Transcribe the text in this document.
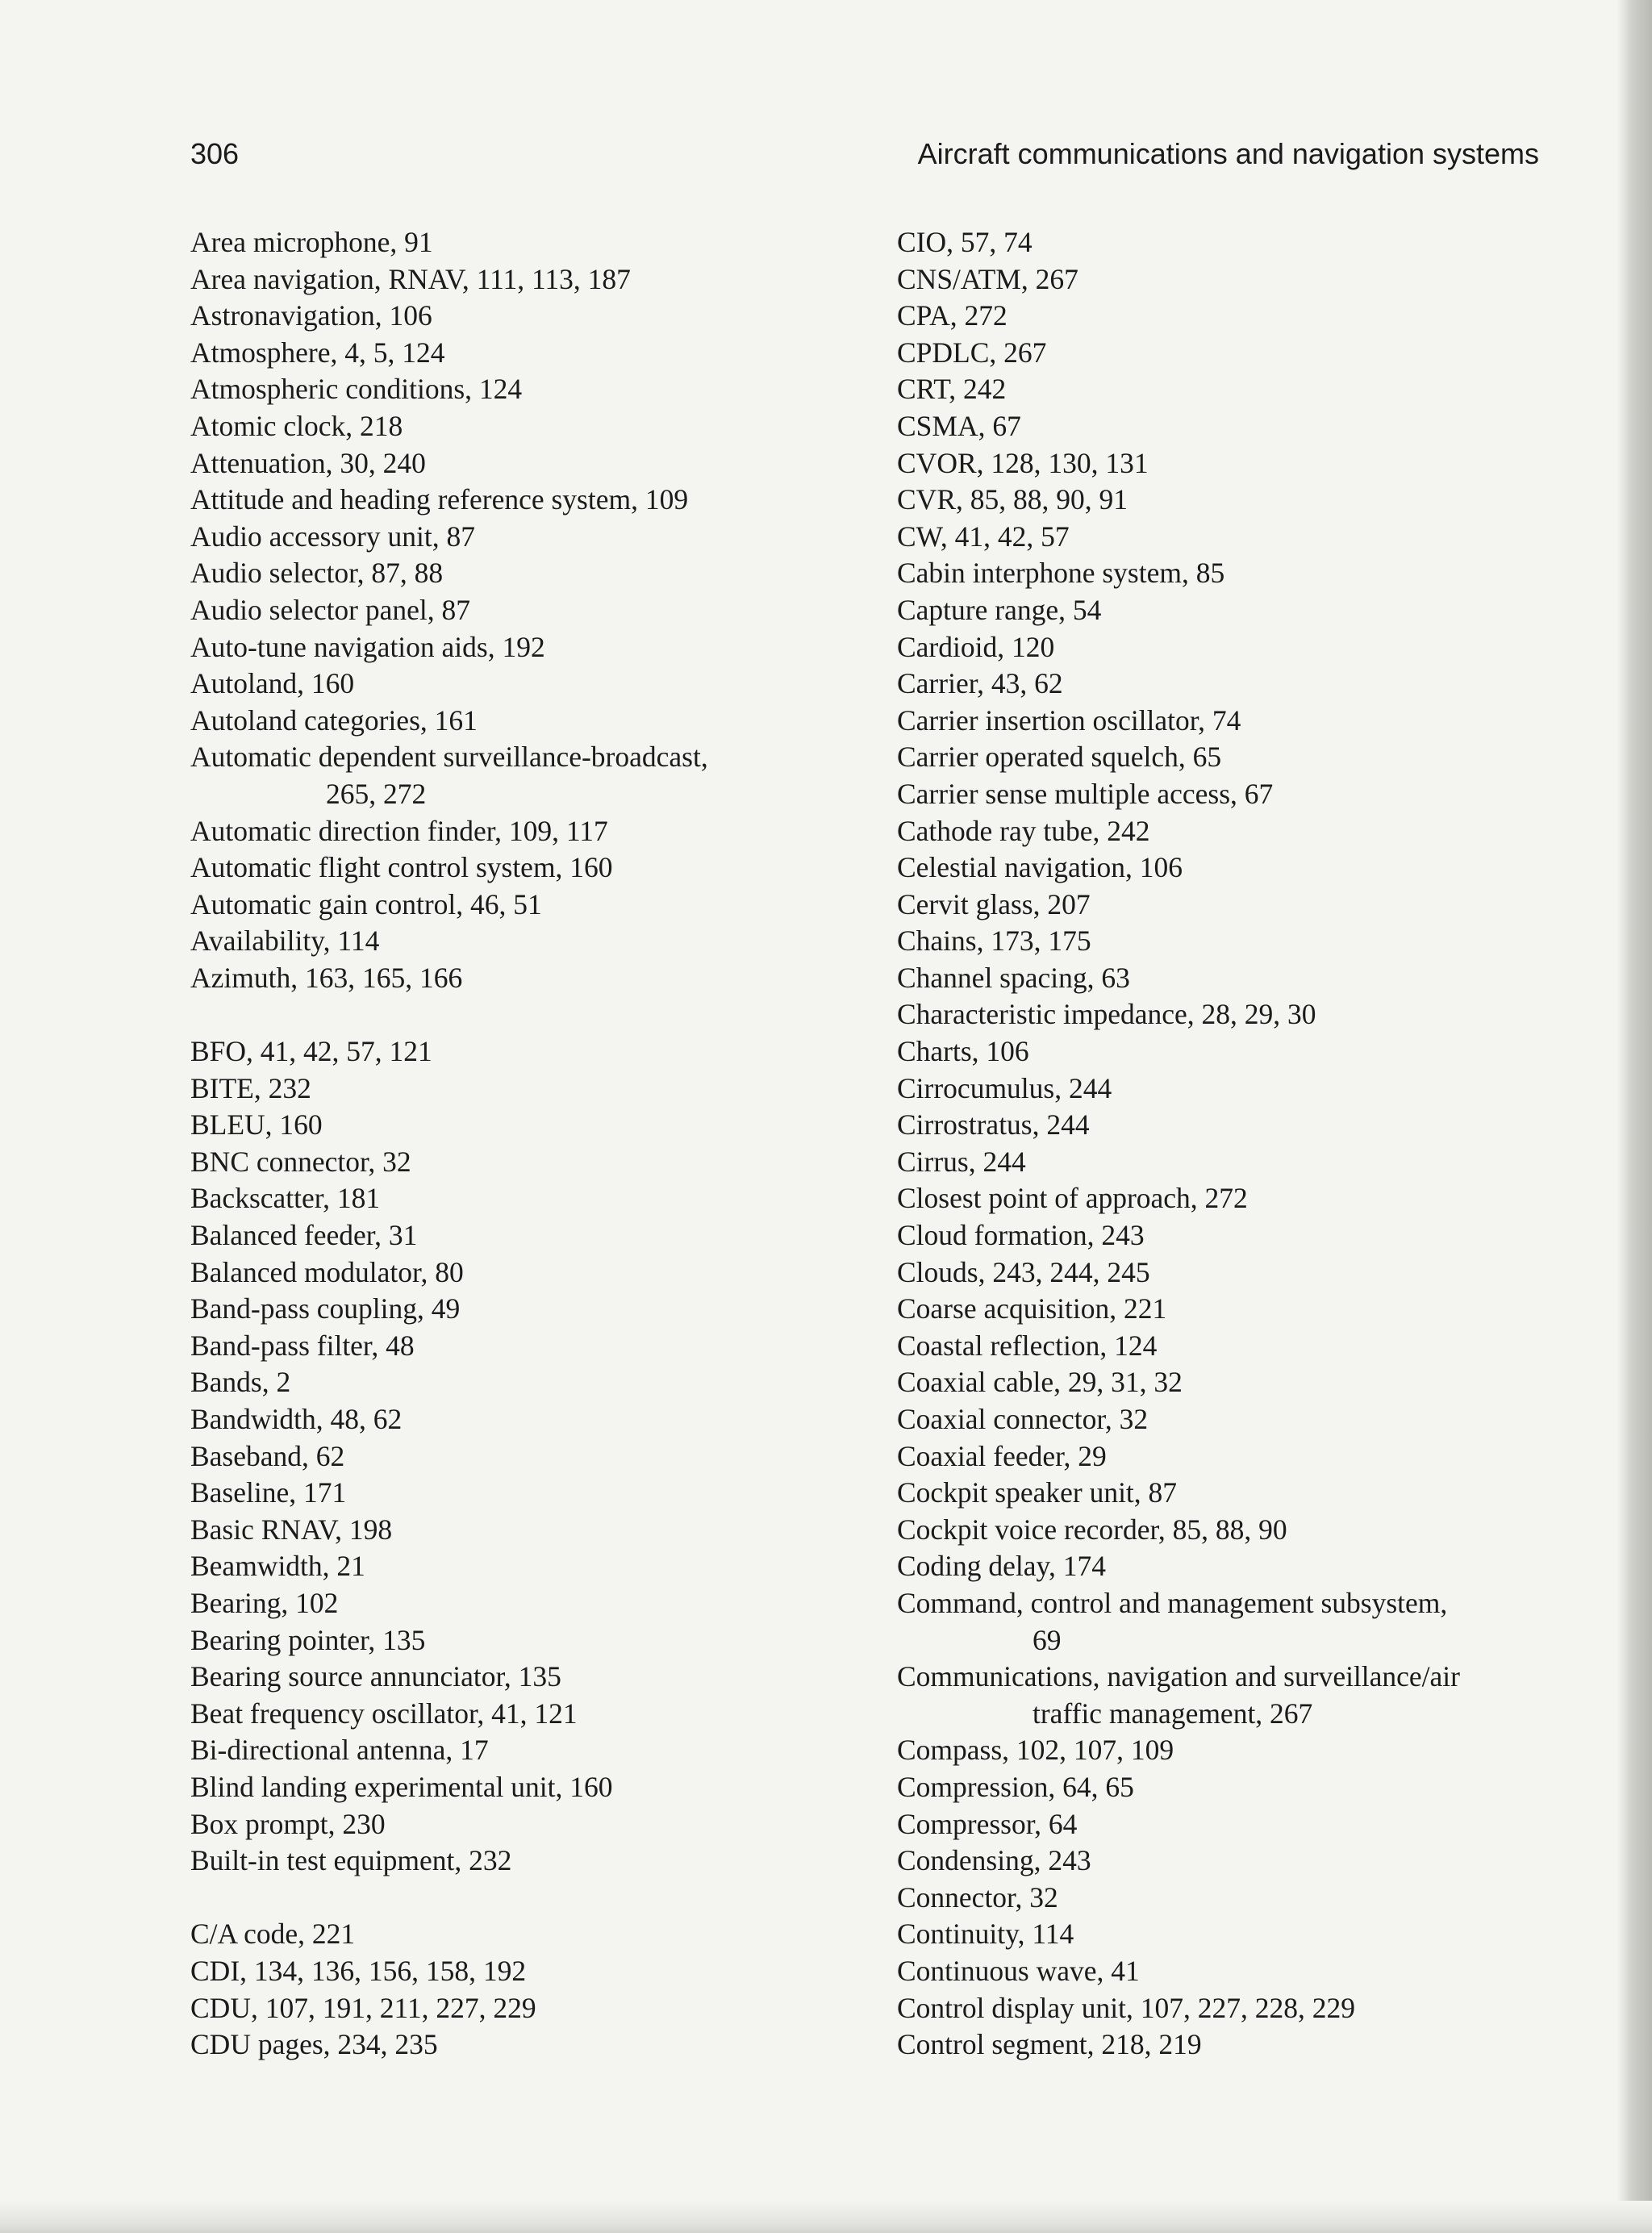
306	Aircraft communications and navigation systems
Area microphone, 91
Area navigation, RNAV, 111, 113, 187
Astronavigation, 106
Atmosphere, 4, 5, 124
Atmospheric conditions, 124
Atomic clock, 218
Attenuation, 30, 240
Attitude and heading reference system, 109
Audio accessory unit, 87
Audio selector, 87, 88
Audio selector panel, 87
Auto-tune navigation aids, 192
Autoland, 160
Autoland categories, 161
Automatic dependent surveillance-broadcast,
265, 272
Automatic direction finder, 109, 117
Automatic flight control system, 160
Automatic gain control, 46, 51
Availability, 114
Azimuth, 163, 165, 166
BFO, 41, 42, 57, 121
BITE, 232
BLEU, 160
BNC connector, 32
Backscatter, 181
Balanced feeder, 31
Balanced modulator, 80
Band-pass coupling, 49
Band-pass filter, 48
Bands, 2
Bandwidth, 48, 62
Baseband, 62
Baseline, 171
Basic RNAV, 198
Beamwidth, 21
Bearing, 102
Bearing pointer, 135
Bearing source annunciator, 135
Beat frequency oscillator, 41, 121
Bi-directional antenna, 17
Blind landing experimental unit, 160
Box prompt, 230
Built-in test equipment, 232
C/A code, 221
CDI, 134, 136, 156, 158, 192
CDU, 107, 191, 211, 227, 229
CDU pages, 234, 235
CIO, 57, 74
CNS/ATM, 267
CPA, 272
CPDLC, 267
CRT, 242
CSMA, 67
CVOR, 128, 130, 131
CVR, 85, 88, 90, 91
CW, 41, 42, 57
Cabin interphone system, 85
Capture range, 54
Cardioid, 120
Carrier, 43, 62
Carrier insertion oscillator, 74
Carrier operated squelch, 65
Carrier sense multiple access, 67
Cathode ray tube, 242
Celestial navigation, 106
Cervit glass, 207
Chains, 173, 175
Channel spacing, 63
Characteristic impedance, 28, 29, 30
Charts, 106
Cirrocumulus, 244
Cirrostratus, 244
Cirrus, 244
Closest point of approach, 272
Cloud formation, 243
Clouds, 243, 244, 245
Coarse acquisition, 221
Coastal reflection, 124
Coaxial cable, 29, 31, 32
Coaxial connector, 32
Coaxial feeder, 29
Cockpit speaker unit, 87
Cockpit voice recorder, 85, 88, 90
Coding delay, 174
Command, control and management subsystem,
69
Communications, navigation and surveillance/air
traffic management, 267
Compass, 102, 107, 109
Compression, 64, 65
Compressor, 64
Condensing, 243
Connector, 32
Continuity, 114
Continuous wave, 41
Control display unit, 107, 227, 228, 229
Control segment, 218, 219
